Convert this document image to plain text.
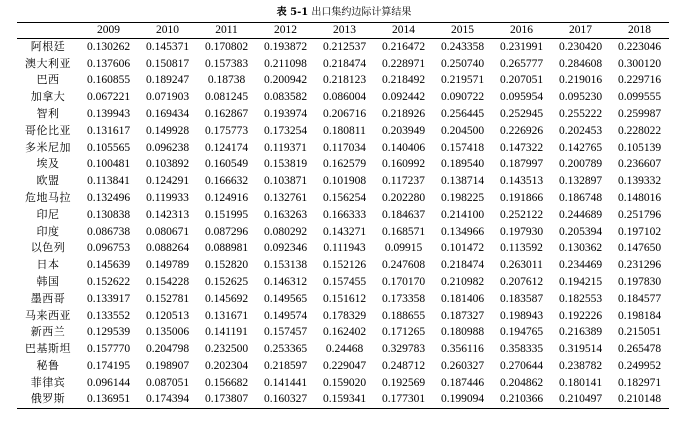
表 5-1 出口集约边际计算结果
	2009	2010	2011	2012	2013	2014	2015	2016	2017	2018
阿根廷	0.130262	0.145371	0.170802	0.193872	0.212537	0.216472	0.243358	0.231991	0.230420	0.223046
澳大利亚	0.137606	0.150817	0.157383	0.211098	0.218474	0.228971	0.250740	0.265777	0.284608	0.300120
巴西	0.160855	0.189247	0.18738	0.200942	0.218123	0.218492	0.219571	0.207051	0.219016	0.229716
加拿大	0.067221	0.071903	0.081245	0.083582	0.086004	0.092442	0.090722	0.095954	0.095230	0.099555
智利	0.139943	0.169434	0.162867	0.193974	0.206716	0.218926	0.256445	0.252945	0.255222	0.259987
哥伦比亚	0.131617	0.149928	0.175773	0.173254	0.180811	0.203949	0.204500	0.226926	0.202453	0.228022
多米尼加	0.105565	0.096238	0.124174	0.119371	0.117034	0.140406	0.157418	0.147322	0.142765	0.105139
埃及	0.100481	0.103892	0.160549	0.153819	0.162579	0.160992	0.189540	0.187997	0.200789	0.236607
欧盟	0.113841	0.124291	0.166632	0.103871	0.101908	0.117237	0.138714	0.143513	0.132897	0.139332
危地马拉	0.132496	0.119933	0.124916	0.132761	0.156254	0.202280	0.198225	0.191866	0.186748	0.148016
印尼	0.130838	0.142313	0.151995	0.163263	0.166333	0.184637	0.214100	0.252122	0.244689	0.251796
印度	0.086738	0.080671	0.087296	0.080292	0.143271	0.168571	0.134966	0.197930	0.205394	0.197102
以色列	0.096753	0.088264	0.088981	0.092346	0.111943	0.09915	0.101472	0.113592	0.130362	0.147650
日本	0.145639	0.149789	0.152820	0.153138	0.152126	0.247608	0.218474	0.263011	0.234469	0.231296
韩国	0.152622	0.154228	0.152625	0.146312	0.157455	0.170170	0.210982	0.207612	0.194215	0.197830
墨西哥	0.133917	0.152781	0.145692	0.149565	0.151612	0.173358	0.181406	0.183587	0.182553	0.184577
马来西亚	0.133552	0.120513	0.131671	0.149574	0.178329	0.188655	0.187327	0.198943	0.192226	0.198184
新西兰	0.129539	0.135006	0.141191	0.157457	0.162402	0.171265	0.180988	0.194765	0.216389	0.215051
巴基斯坦	0.157770	0.204798	0.232500	0.253365	0.24468	0.329783	0.356116	0.358335	0.319514	0.265478
秘鲁	0.174195	0.198907	0.202304	0.218597	0.229047	0.248712	0.260327	0.270644	0.238782	0.249952
菲律宾	0.096144	0.087051	0.156682	0.141441	0.159020	0.192569	0.187446	0.204862	0.180141	0.182971
俄罗斯	0.136951	0.174394	0.173807	0.160327	0.159341	0.177301	0.199094	0.210366	0.210497	0.210148
